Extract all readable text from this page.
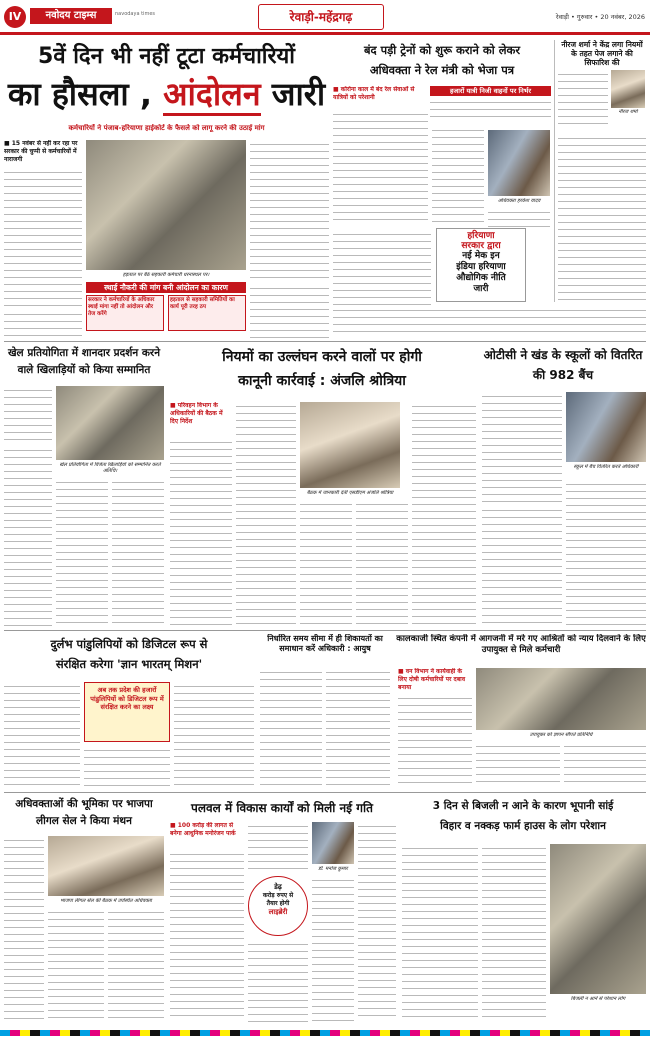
IV	नवोदय टाइम्स	navodaya times	रेवाड़ी-महेंद्रगढ़	रेवाड़ी • गुरुवार • 20 नवंबर, 2026
5वें दिन भी नहीं टूटा कर्मचारियों
का हौसला , आंदोलन जारी
कर्मचारियों ने पंजाब-हरियाणा हाईकोर्ट के फैसले को लागू करने की उठाई मांग
■ 15 नवंबर से नहीं कर रहा पर सरकार की चुप्पी से कर्मचारियों में नाराजगी
हड़ताल पर बैठे सहकारी कर्मचारी धरनास्थल पर।
स्थाई नौकरी की मांग बनी आंदोलन का कारण
सरकार ने कर्मचारियों के अधिकार स्थाई मांगा नहीं तो आंदोलन और तेज करेंगे
हड़ताल से सहकारी समितियों का कार्य पूरी तरह ठप
बंद पड़ी ट्रेनों को शुरू कराने को लेकर
अधिवक्ता ने रेल मंत्री को भेजा पत्र
■ कोरोना काल में बंद रेल सेवाओं से यात्रियों को परेशानी
हजारों यात्री निजी वाहनों पर निर्भर
अधिवक्ता हरकेश यादव
नीरज शर्मा ने केंद्र लगा नियमों के तहत पेज लगाने की सिफारिश की
नीरज शर्मा
हरियाणा
सरकार द्वारा
नई मेक इन
इंडिया हरियाणा
औद्योगिक नीति
जारी
खेल प्रतियोगिता में शानदार प्रदर्शन करने वाले खिलाड़ियों को किया सम्मानित
खेल प्रतियोगिता में विजेता खिलाड़ियों को सम्मानित करते अतिथि।
नियमों का उल्लंघन करने वालों पर होगी
कानूनी कार्रवाई : अंजलि श्रोत्रिया
■ परिवहन विभाग के अधिकारियों की बैठक में दिए निर्देश
बैठक में जानकारी देती एसडीएम अंजलि श्रोत्रिया
ओटीसी ने खंड के स्कूलों को वितरित की 982 बैंच
स्कूल में बैंच वितरित करते अधिकारी
दुर्लभ पांडुलिपियों को डिजिटल रूप से
संरक्षित करेगा 'ज्ञान भारतम् मिशन'
अब तक प्रदेश की हजारों पांडुलिपियों को डिजिटल रूप में संरक्षित करने का लक्ष्य
निर्धारित समय सीमा में ही शिकायतों का समाधान करें अधिकारी : आयुष
कालकाजी स्थित कंपनी में आगजनी में मरे गए आश्रितों को न्याय दिलवाने के लिए उपायुक्त से मिले कर्मचारी
■ वन विभाग ने कार्यवाही के लिए दोषी कर्मचारियों पर दबाव बनाया
उपायुक्त को ज्ञापन सौंपते प्रतिनिधि
अधिवक्ताओं की भूमिका पर भाजपा लीगल सेल ने किया मंथन
भाजपा लीगल सेल की बैठक में उपस्थित अधिवक्ता
पलवल में विकास कार्यों को मिली नई गति
■ 100 करोड़ की लागत से बनेगा आधुनिक मनोरंजन पार्क
डेढ़
करोड़ रुपए से
तैयार होगी
लाइब्रेरी
डॉ. मनोज कुमार
3 दिन से बिजली न आने के कारण भूपानी सांई
विहार व नक्कड़ फार्म हाउस के लोग परेशान
बिजली न आने से परेशान लोग
